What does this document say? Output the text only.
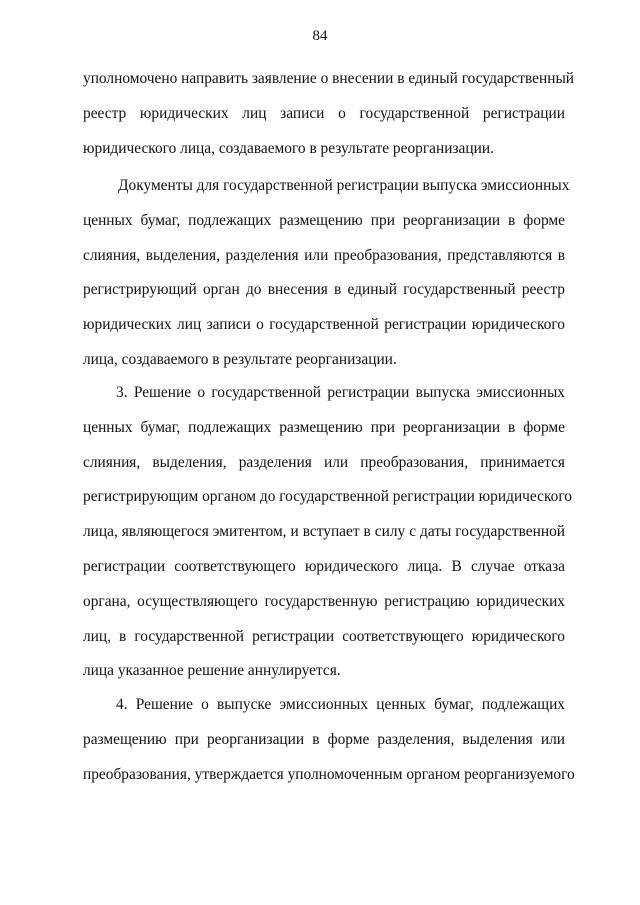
84
уполномочено направить заявление о внесении в единый государственный
реестр юридических лиц записи о государственной регистрации
юридического лица, создаваемого в результате реорганизации.
Документы для государственной регистрации выпуска эмиссионных
ценных бумаг, подлежащих размещению при реорганизации в форме
слияния, выделения, разделения или преобразования, представляются в
регистрирующий орган до внесения в единый государственный реестр
юридических лиц записи о государственной регистрации юридического
лица, создаваемого в результате реорганизации.
3. Решение о государственной регистрации выпуска эмиссионных
ценных бумаг, подлежащих размещению при реорганизации в форме
слияния, выделения, разделения или преобразования, принимается
регистрирующим органом до государственной регистрации юридического
лица, являющегося эмитентом, и вступает в силу с даты государственной
регистрации соответствующего юридического лица. В случае отказа
органа, осуществляющего государственную регистрацию юридических
лиц, в государственной регистрации соответствующего юридического
лица указанное решение аннулируется.
4. Решение о выпуске эмиссионных ценных бумаг, подлежащих
размещению при реорганизации в форме разделения, выделения или
преобразования, утверждается уполномоченным органом реорганизуемого
